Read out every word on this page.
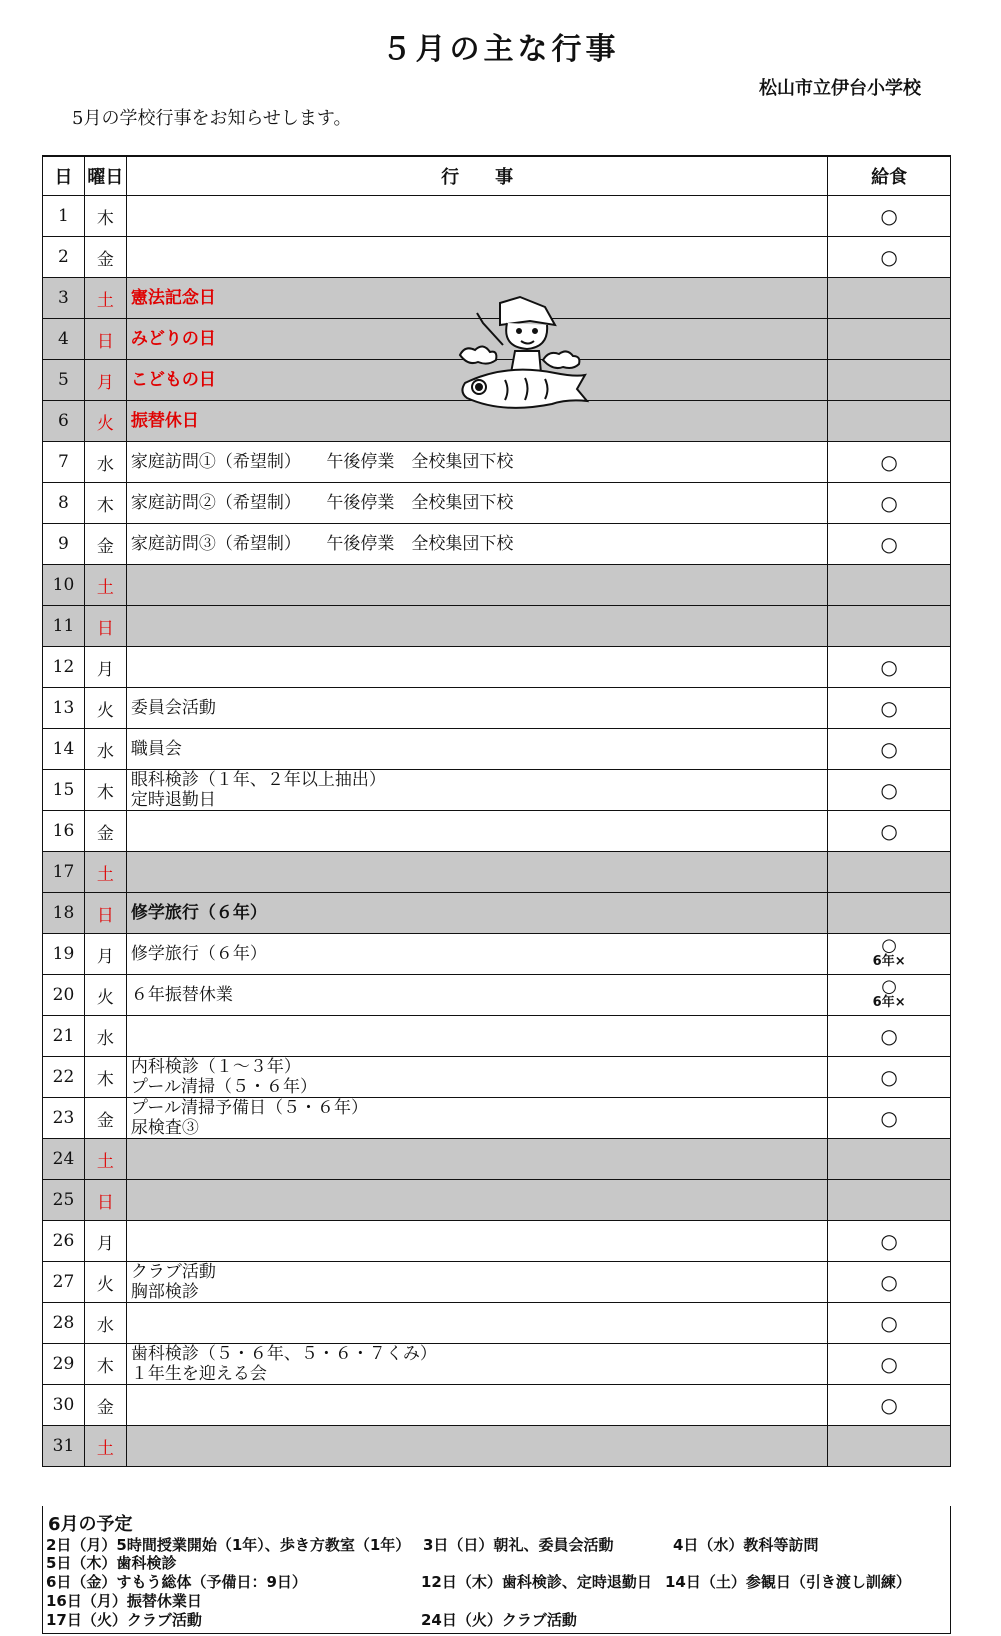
５月の主な行事
松山市立伊台小学校
5月の学校行事をお知らせします。
日	曜日	行　　事	給食
1	木		○
2	金		○
3	土	憲法記念日	

4	日	みどりの日	

5	月	こどもの日	

6	火	振替休日	

7	水	家庭訪問①（希望制）　　午後停業　全校集団下校	○
8	木	家庭訪問②（希望制）　　午後停業　全校集団下校	○
9	金	家庭訪問③（希望制）　　午後停業　全校集団下校	○
10	土		
11	日		
12	月		○
13	火	委員会活動	○
14	水	職員会	○
15	木	眼科検診（１年、２年以上抽出）
定時退勤日	○
16	金		○
17	土		
18	日	修学旅行（６年）	

19	月	修学旅行（６年）	○
6年×

20	火	６年振替休業	○
6年×

21	水		○
22	木	内科検診（１～３年）
プール清掃（５・６年）	○
23	金	プール清掃予備日（５・６年）
尿検査③	○
24	土		
25	日		
26	月		○
27	火	クラブ活動
胸部検診	○
28	水		○
29	木	歯科検診（５・６年、５・６・７くみ）
１年生を迎える会	○
30	金		○
31	土		
6月の予定
2日（月）5時間授業開始（1年）、歩き方教室（1年） 3日（日）朝礼、委員会活動	4日（水）教科等訪問
5日（木）歯科検診
6日（金）すもう総体（予備日：9日）	12日（木）歯科検診、定時退勤日 14日（土）参観日（引き渡し訓練）
16日（月）振替休業日
17日（火）クラブ活動	24日（火）クラブ活動
